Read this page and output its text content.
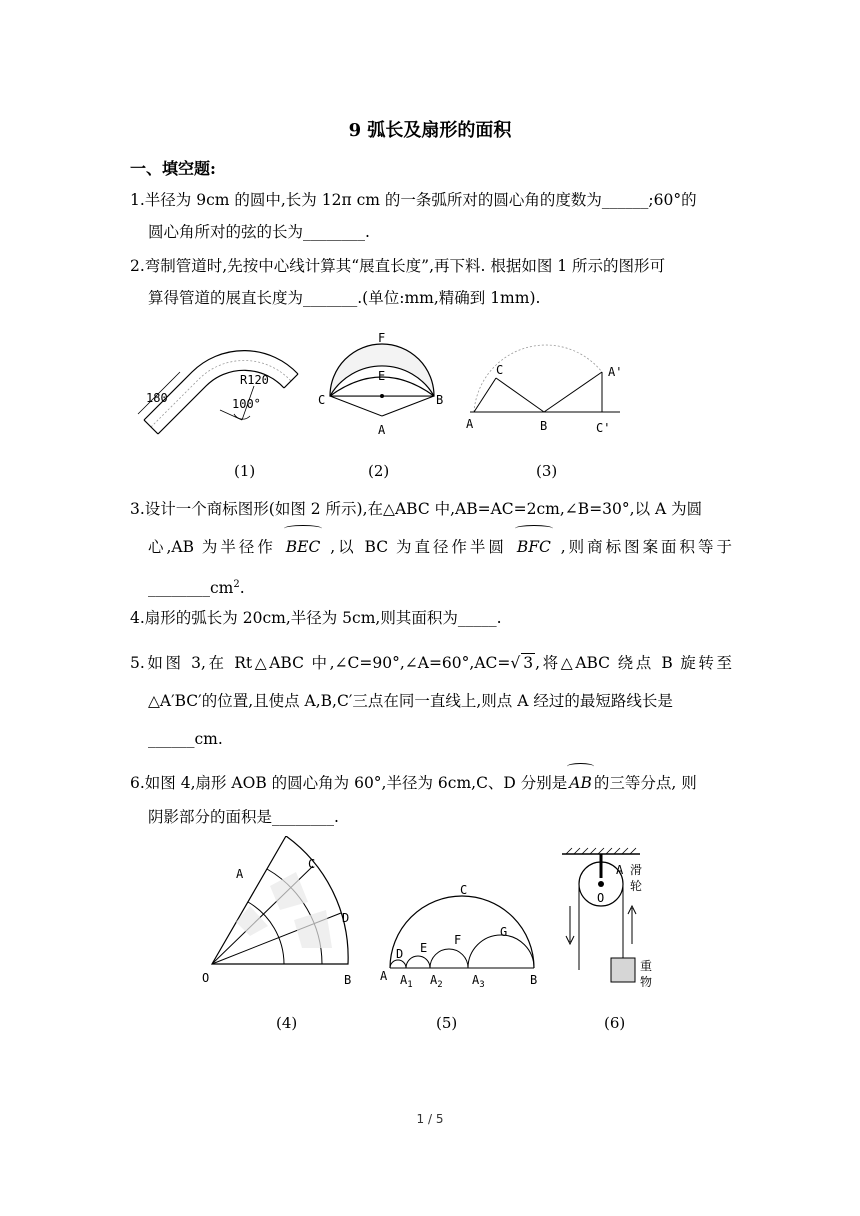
9 弧长及扇形的面积
一、填空题:
1.半径为 9cm 的圆中,长为 12π cm 的一条弧所对的圆心角的度数为______;60°的
圆心角所对的弦的长为________.
2.弯制管道时,先按中心线计算其“展直长度”,再下料. 根据如图 1 所示的图形可
算得管道的展直长度为_______.(单位:mm,精确到 1mm).
180
R120
100°
F
E
C	B
A
C	A'
A	B	C'
(1)	(2)	(3)
3.设计一个商标图形(如图 2 所示),在△ABC 中,AB=AC=2cm,∠B=30°,以 A 为圆
心,AB 为半径作 BEC ,以 BC 为直径作半圆 BFC ,则商标图案面积等于
$\_\_\_\_\_\_\_\_cm^2$.
4.扇形的弧长为 20cm,半径为 5cm,则其面积为_____.
5.如图 3,在 Rt△ABC 中,∠C=90°,∠A=60°,AC=√ 3 ,将△ABC 绕点 B 旋转至
△A′BC′的位置,且使点 A,B,C′三点在同一直线上,则点 A 经过的最短路线长是
______cm.
6.如图 4,扇形 AOB 的圆心角为 60°,半径为 6cm,C、D 分别是 AB 的三等分点, 则
阴影部分的面积是________.
A
C
D
O	B
C
D E
F
G
A $A_1$ $A_2$ $A_3$	B
A
O
滑
轮
重
物
(4)	(5)	(6)
1 / 5
